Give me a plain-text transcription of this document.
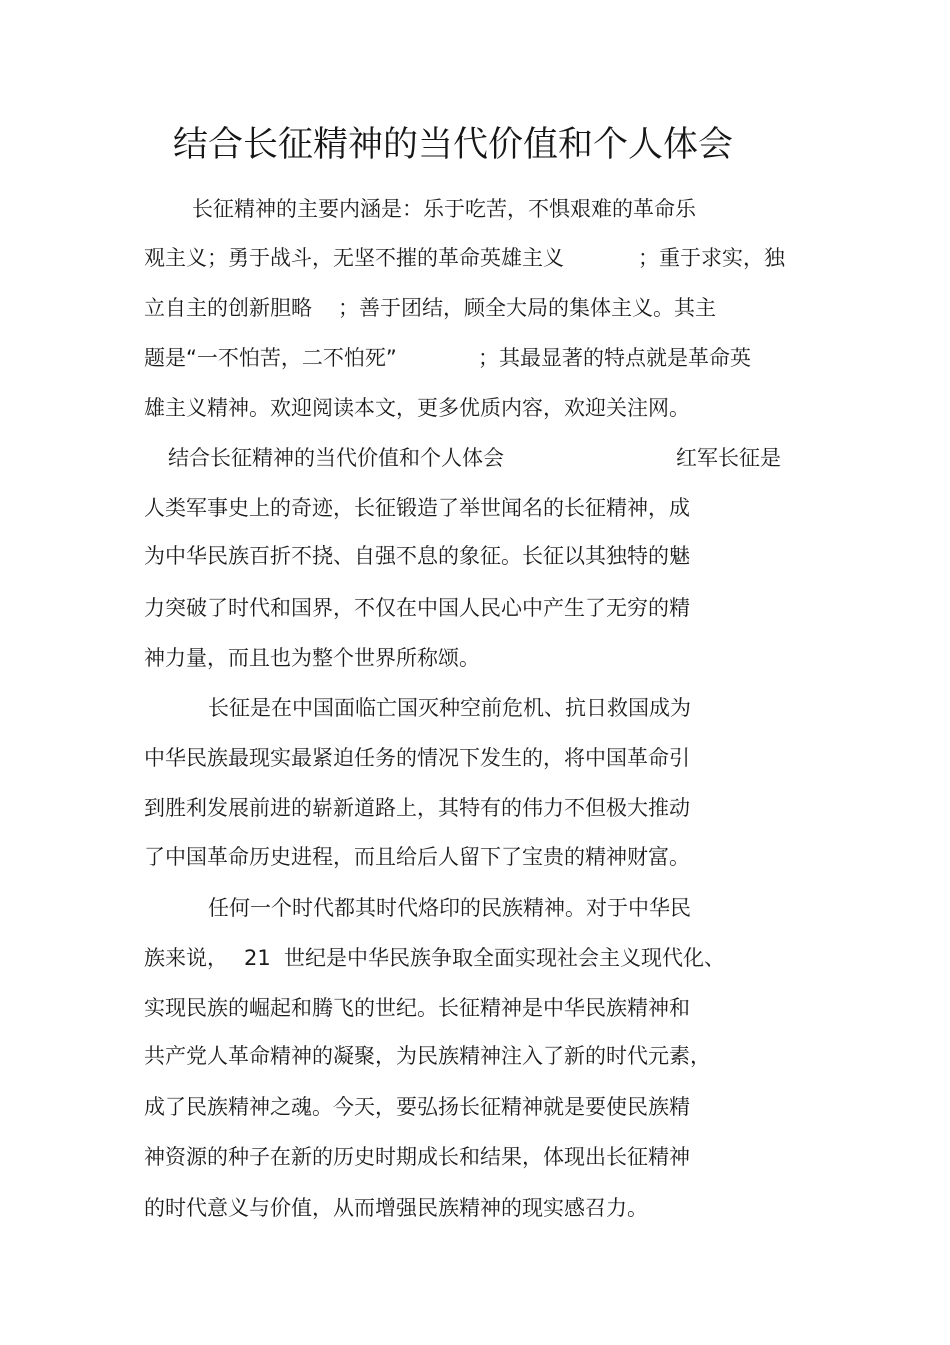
结合长征精神的当代价值和个人体会
长征精神的主要内涵是：乐于吃苦，不惧艰难的革命乐
观主义；勇于战斗，无坚不摧的革命英雄主义	；重于求实，独
立自主的创新胆略 ；善于团结，顾全大局的集体主义。其主
题是“一不怕苦，二不怕死”	；其最显著的特点就是革命英
雄主义精神。欢迎阅读本文，更多优质内容，欢迎关注网。
结合长征精神的当代价值和个人体会	红军长征是
人类军事史上的奇迹，长征锻造了举世闻名的长征精神，成
为中华民族百折不挠、自强不息的象征。长征以其独特的魅
力突破了时代和国界，不仅在中国人民心中产生了无穷的精
神力量，而且也为整个世界所称颂。
长征是在中国面临亡国灭种空前危机、抗日救国成为
中华民族最现实最紧迫任务的情况下发生的，将中国革命引
到胜利发展前进的崭新道路上，其特有的伟力不但极大推动
了中国革命历史进程，而且给后人留下了宝贵的精神财富。
任何一个时代都其时代烙印的民族精神。对于中华民
族来说， 21 世纪是中华民族争取全面实现社会主义现代化、
实现民族的崛起和腾飞的世纪。长征精神是中华民族精神和
共产党人革命精神的凝聚，为民族精神注入了新的时代元素，
成了民族精神之魂。今天，要弘扬长征精神就是要使民族精
神资源的种子在新的历史时期成长和结果，体现出长征精神
的时代意义与价值，从而增强民族精神的现实感召力。
